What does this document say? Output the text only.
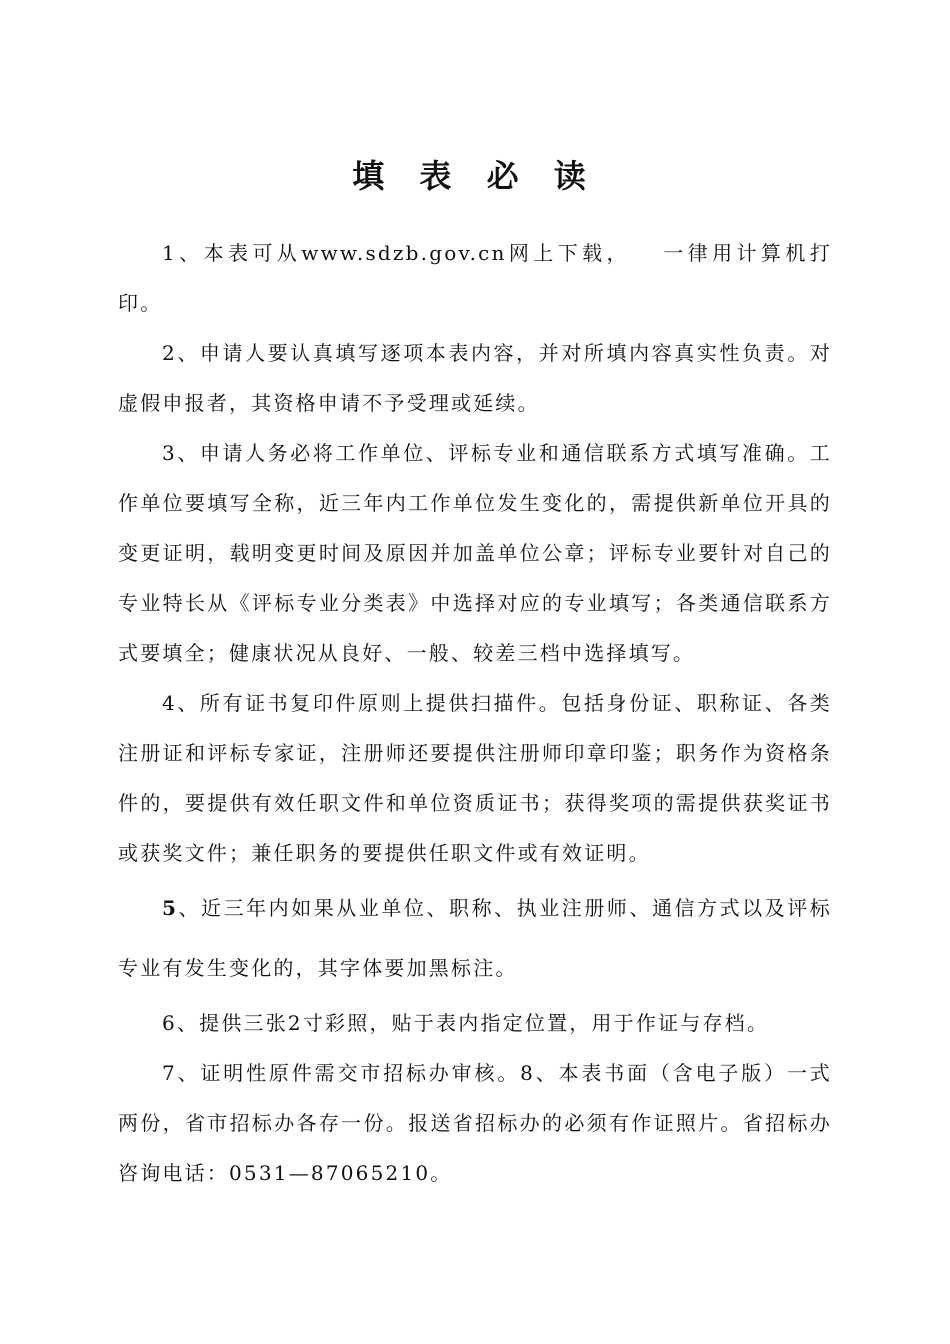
填 表 必 读

1、本表可从www.sdzb.gov.cn网上下载， 一律用计算机打印。

2、申请人要认真填写逐项本表内容，并对所填内容真实性负责。对虚假申报者，其资格申请不予受理或延续。

3、申请人务必将工作单位、评标专业和通信联系方式填写准确。工作单位要填写全称，近三年内工作单位发生变化的，需提供新单位开具的变更证明，载明变更时间及原因并加盖单位公章；评标专业要针对自己的专业特长从《评标专业分类表》中选择对应的专业填写；各类通信联系方式要填全；健康状况从良好、一般、较差三档中选择填写。

4、所有证书复印件原则上提供扫描件。包括身份证、职称证、各类注册证和评标专家证，注册师还要提供注册师印章印鉴；职务作为资格条件的，要提供有效任职文件和单位资质证书；获得奖项的需提供获奖证书或获奖文件；兼任职务的要提供任职文件或有效证明。

5、近三年内如果从业单位、职称、执业注册师、通信方式以及评标专业有发生变化的，其字体要加黑标注。

6、提供三张2寸彩照，贴于表内指定位置，用于作证与存档。

7、证明性原件需交市招标办审核。8、本表书面（含电子版）一式两份，省市招标办各存一份。报送省招标办的必须有作证照片。省招标办咨询电话：0531—87065210。
